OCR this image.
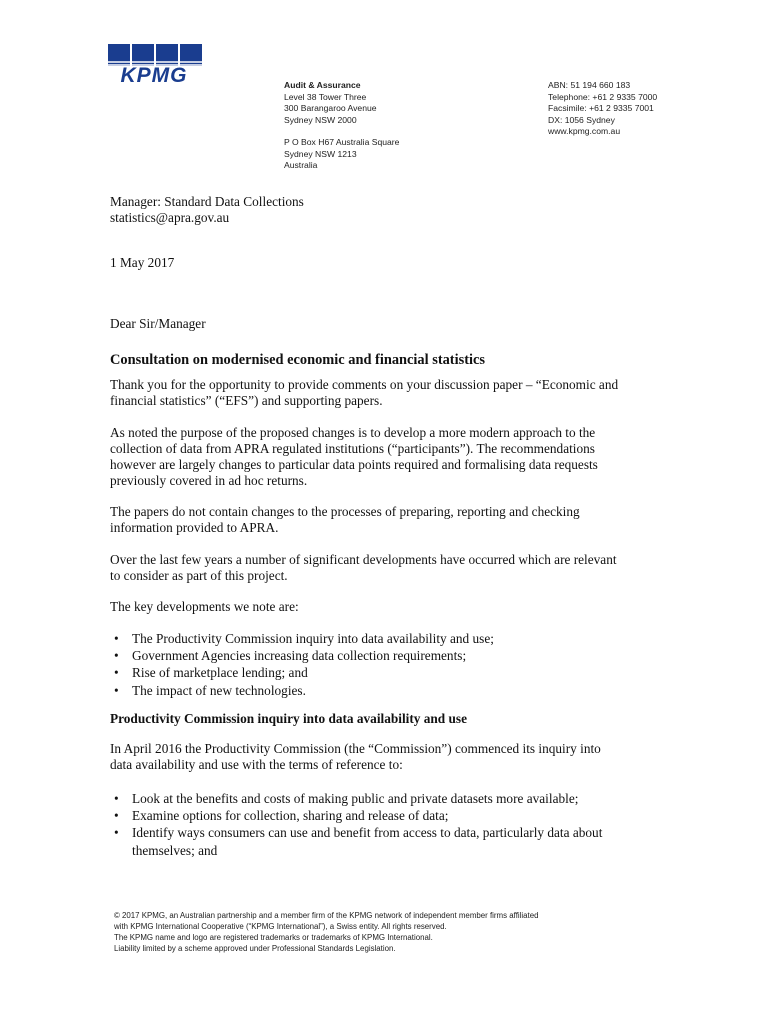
KPMG	Audit & Assurance
Level 38 Tower Three
300 Barangaroo Avenue
Sydney NSW 2000
P O Box H67 Australia Square
Sydney NSW 1213
Australia
ABN: 51 194 660 183
Telephone: +61 2 9335 7000
Facsimile: +61 2 9335 7001
DX: 1056 Sydney
www.kpmg.com.au
Manager: Standard Data Collections
statistics@apra.gov.au
1 May 2017
Dear Sir/Manager
Consultation on modernised economic and financial statistics
Thank you for the opportunity to provide comments on your discussion paper – “Economic and
financial statistics” (“EFS”) and supporting papers.
As noted the purpose of the proposed changes is to develop a more modern approach to the
collection of data from APRA regulated institutions (“participants”). The recommendations
however are largely changes to particular data points required and formalising data requests
previously covered in ad hoc returns.
The papers do not contain changes to the processes of preparing, reporting and checking
information provided to APRA.
Over the last few years a number of significant developments have occurred which are relevant
to consider as part of this project.
The key developments we note are:
• The Productivity Commission inquiry into data availability and use;
• Government Agencies increasing data collection requirements;
• Rise of marketplace lending; and
• The impact of new technologies.
Productivity Commission inquiry into data availability and use
In April 2016 the Productivity Commission (the “Commission”) commenced its inquiry into
data availability and use with the terms of reference to:
• Look at the benefits and costs of making public and private datasets more available;
• Examine options for collection, sharing and release of data;
• Identify ways consumers can use and benefit from access to data, particularly data about
themselves; and
© 2017 KPMG, an Australian partnership and a member firm of the KPMG network of independent member firms affiliated
with KPMG International Cooperative (“KPMG International”), a Swiss entity. All rights reserved.
The KPMG name and logo are registered trademarks or trademarks of KPMG International.
Liability limited by a scheme approved under Professional Standards Legislation.
